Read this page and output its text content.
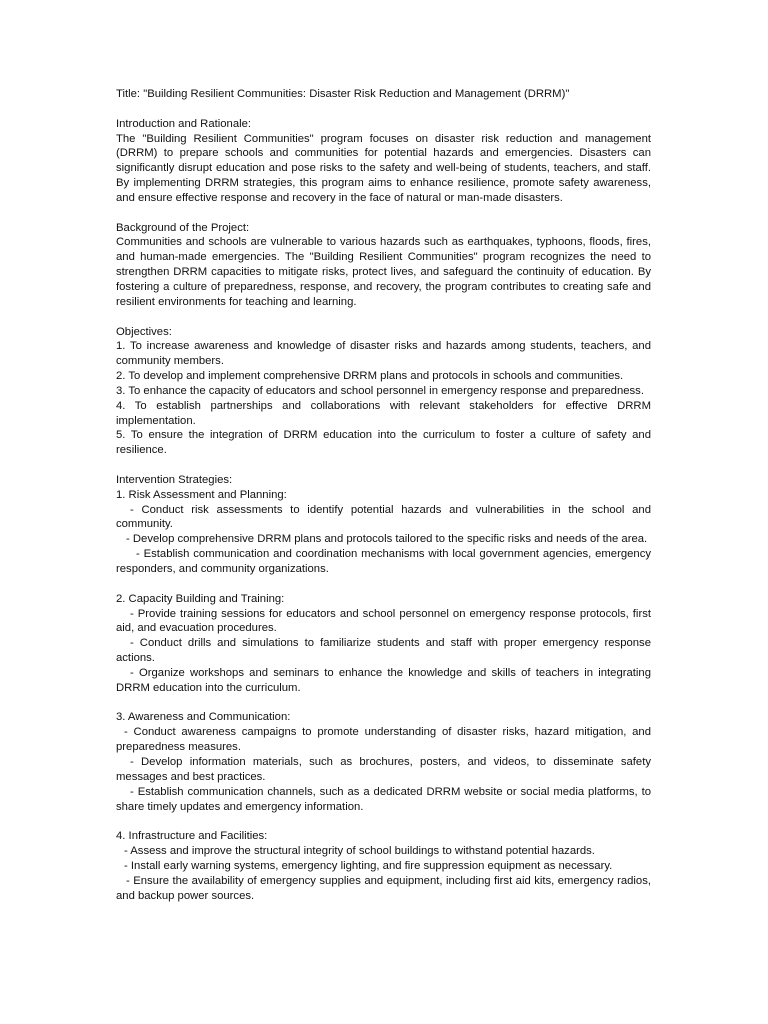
Title: "Building Resilient Communities: Disaster Risk Reduction and Management (DRRM)"

Introduction and Rationale:

The "Building Resilient Communities" program focuses on disaster risk reduction and management (DRRM) to prepare schools and communities for potential hazards and emergencies. Disasters can significantly disrupt education and pose risks to the safety and well-being of students, teachers, and staff. By implementing DRRM strategies, this program aims to enhance resilience, promote safety awareness, and ensure effective response and recovery in the face of natural or man-made disasters.

Background of the Project:

Communities and schools are vulnerable to various hazards such as earthquakes, typhoons, floods, fires, and human-made emergencies. The "Building Resilient Communities" program recognizes the need to strengthen DRRM capacities to mitigate risks, protect lives, and safeguard the continuity of education. By fostering a culture of preparedness, response, and recovery, the program contributes to creating safe and resilient environments for teaching and learning.

Objectives:

1. To increase awareness and knowledge of disaster risks and hazards among students, teachers, and community members.

2. To develop and implement comprehensive DRRM plans and protocols in schools and communities.

3. To enhance the capacity of educators and school personnel in emergency response and preparedness.

4. To establish partnerships and collaborations with relevant stakeholders for effective DRRM implementation.

5. To ensure the integration of DRRM education into the curriculum to foster a culture of safety and resilience.

Intervention Strategies:

1. Risk Assessment and Planning:

- Conduct risk assessments to identify potential hazards and vulnerabilities in the school and community.

- Develop comprehensive DRRM plans and protocols tailored to the specific risks and needs of the area.

- Establish communication and coordination mechanisms with local government agencies, emergency responders, and community organizations.

2. Capacity Building and Training:

- Provide training sessions for educators and school personnel on emergency response protocols, first aid, and evacuation procedures.

- Conduct drills and simulations to familiarize students and staff with proper emergency response actions.

- Organize workshops and seminars to enhance the knowledge and skills of teachers in integrating DRRM education into the curriculum.

3. Awareness and Communication:

- Conduct awareness campaigns to promote understanding of disaster risks, hazard mitigation, and preparedness measures.

- Develop information materials, such as brochures, posters, and videos, to disseminate safety messages and best practices.

- Establish communication channels, such as a dedicated DRRM website or social media platforms, to share timely updates and emergency information.

4. Infrastructure and Facilities:

- Assess and improve the structural integrity of school buildings to withstand potential hazards.

- Install early warning systems, emergency lighting, and fire suppression equipment as necessary.

- Ensure the availability of emergency supplies and equipment, including first aid kits, emergency radios, and backup power sources.
